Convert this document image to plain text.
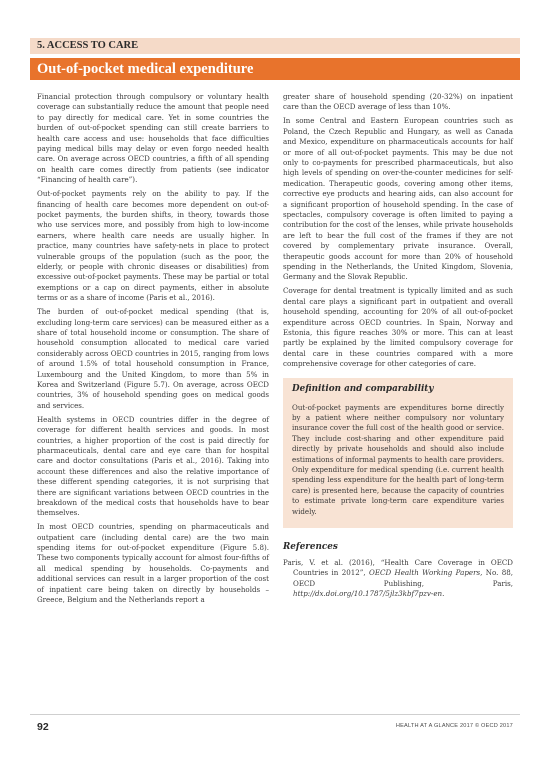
5. ACCESS TO CARE
Out-of-pocket medical expenditure

Financial protection through compulsory or voluntary health coverage can substantially reduce the amount that people need to pay directly for medical care. Yet in some countries the burden of out-of-pocket spending can still create barriers to health care access and use: households that face difficulties paying medical bills may delay or even forgo needed health care. On average across OECD countries, a fifth of all spending on health care comes directly from patients (see indicator “Financing of health care”).

Out-of-pocket payments rely on the ability to pay. If the financing of health care becomes more dependent on out-of-pocket payments, the burden shifts, in theory, towards those who use services more, and possibly from high to low-income earners, where health care needs are usually higher. In practice, many countries have safety-nets in place to protect vulnerable groups of the population (such as the poor, the elderly, or people with chronic diseases or disabilities) from excessive out-of-pocket payments. These may be partial or total exemptions or a cap on direct payments, either in absolute terms or as a share of income (Paris et al., 2016).

The burden of out-of-pocket medical spending (that is, excluding long-term care services) can be measured either as a share of total household income or consumption. The share of household consumption allocated to medical care varied considerably across OECD countries in 2015, ranging from lows of around 1.5% of total household consumption in France, Luxembourg and the United Kingdom, to more than 5% in Korea and Switzerland (Figure 5.7). On average, across OECD countries, 3% of household spending goes on medical goods and services.

Health systems in OECD countries differ in the degree of coverage for different health services and goods. In most countries, a higher proportion of the cost is paid directly for pharmaceuticals, dental care and eye care than for hospital care and doctor consultations (Paris et al., 2016). Taking into account these differences and also the relative importance of these different spending categories, it is not surprising that there are significant variations between OECD countries in the breakdown of the medical costs that households have to bear themselves.

In most OECD countries, spending on pharmaceuticals and outpatient care (including dental care) are the two main spending items for out-of-pocket expenditure (Figure 5.8). These two components typically account for almost four-fifths of all medical spending by households. Co-payments and additional services can result in a larger proportion of the cost of inpatient care being taken on directly by households –Greece, Belgium and the Netherlands report a

greater share of household spending (20-32%) on inpatient care than the OECD average of less than 10%.

In some Central and Eastern European countries such as Poland, the Czech Republic and Hungary, as well as Canada and Mexico, expenditure on pharmaceuticals accounts for half or more of all out-of-pocket payments. This may be due not only to co-payments for prescribed pharmaceuticals, but also high levels of spending on over-the-counter medicines for self-medication. Therapeutic goods, covering among other items, corrective eye products and hearing aids, can also account for a significant proportion of household spending. In the case of spectacles, compulsory coverage is often limited to paying a contribution for the cost of the lenses, while private households are left to bear the full cost of the frames if they are not covered by complementary private insurance. Overall, therapeutic goods account for more than 20% of household spending in the Netherlands, the United Kingdom, Slovenia, Germany and the Slovak Republic.

Coverage for dental treatment is typically limited and as such dental care plays a significant part in outpatient and overall household spending, accounting for 20% of all out-of-pocket expenditure across OECD countries. In Spain, Norway and Estonia, this figure reaches 30% or more. This can at least partly be explained by the limited compulsory coverage for dental care in these countries compared with a more comprehensive coverage for other categories of care.

Definition and comparability

Out-of-pocket payments are expenditures borne directly by a patient where neither compulsory nor voluntary insurance cover the full cost of the health good or service. They include cost-sharing and other expenditure paid directly by private households and should also include estimations of informal payments to health care providers. Only expenditure for medical spending (i.e. current health spending less expenditure for the health part of long-term care) is presented here, because the capacity of countries to estimate private long-term care expenditure varies widely.

References

Paris, V. et al. (2016), “Health Care Coverage in OECD Countries in 2012”, OECD Health Working Papers, No. 88, OECD Publishing, Paris, http://dx.doi.org/10.1787/5jlz3kbf7pzv-en.

92	HEALTH AT A GLANCE 2017 © OECD 2017
